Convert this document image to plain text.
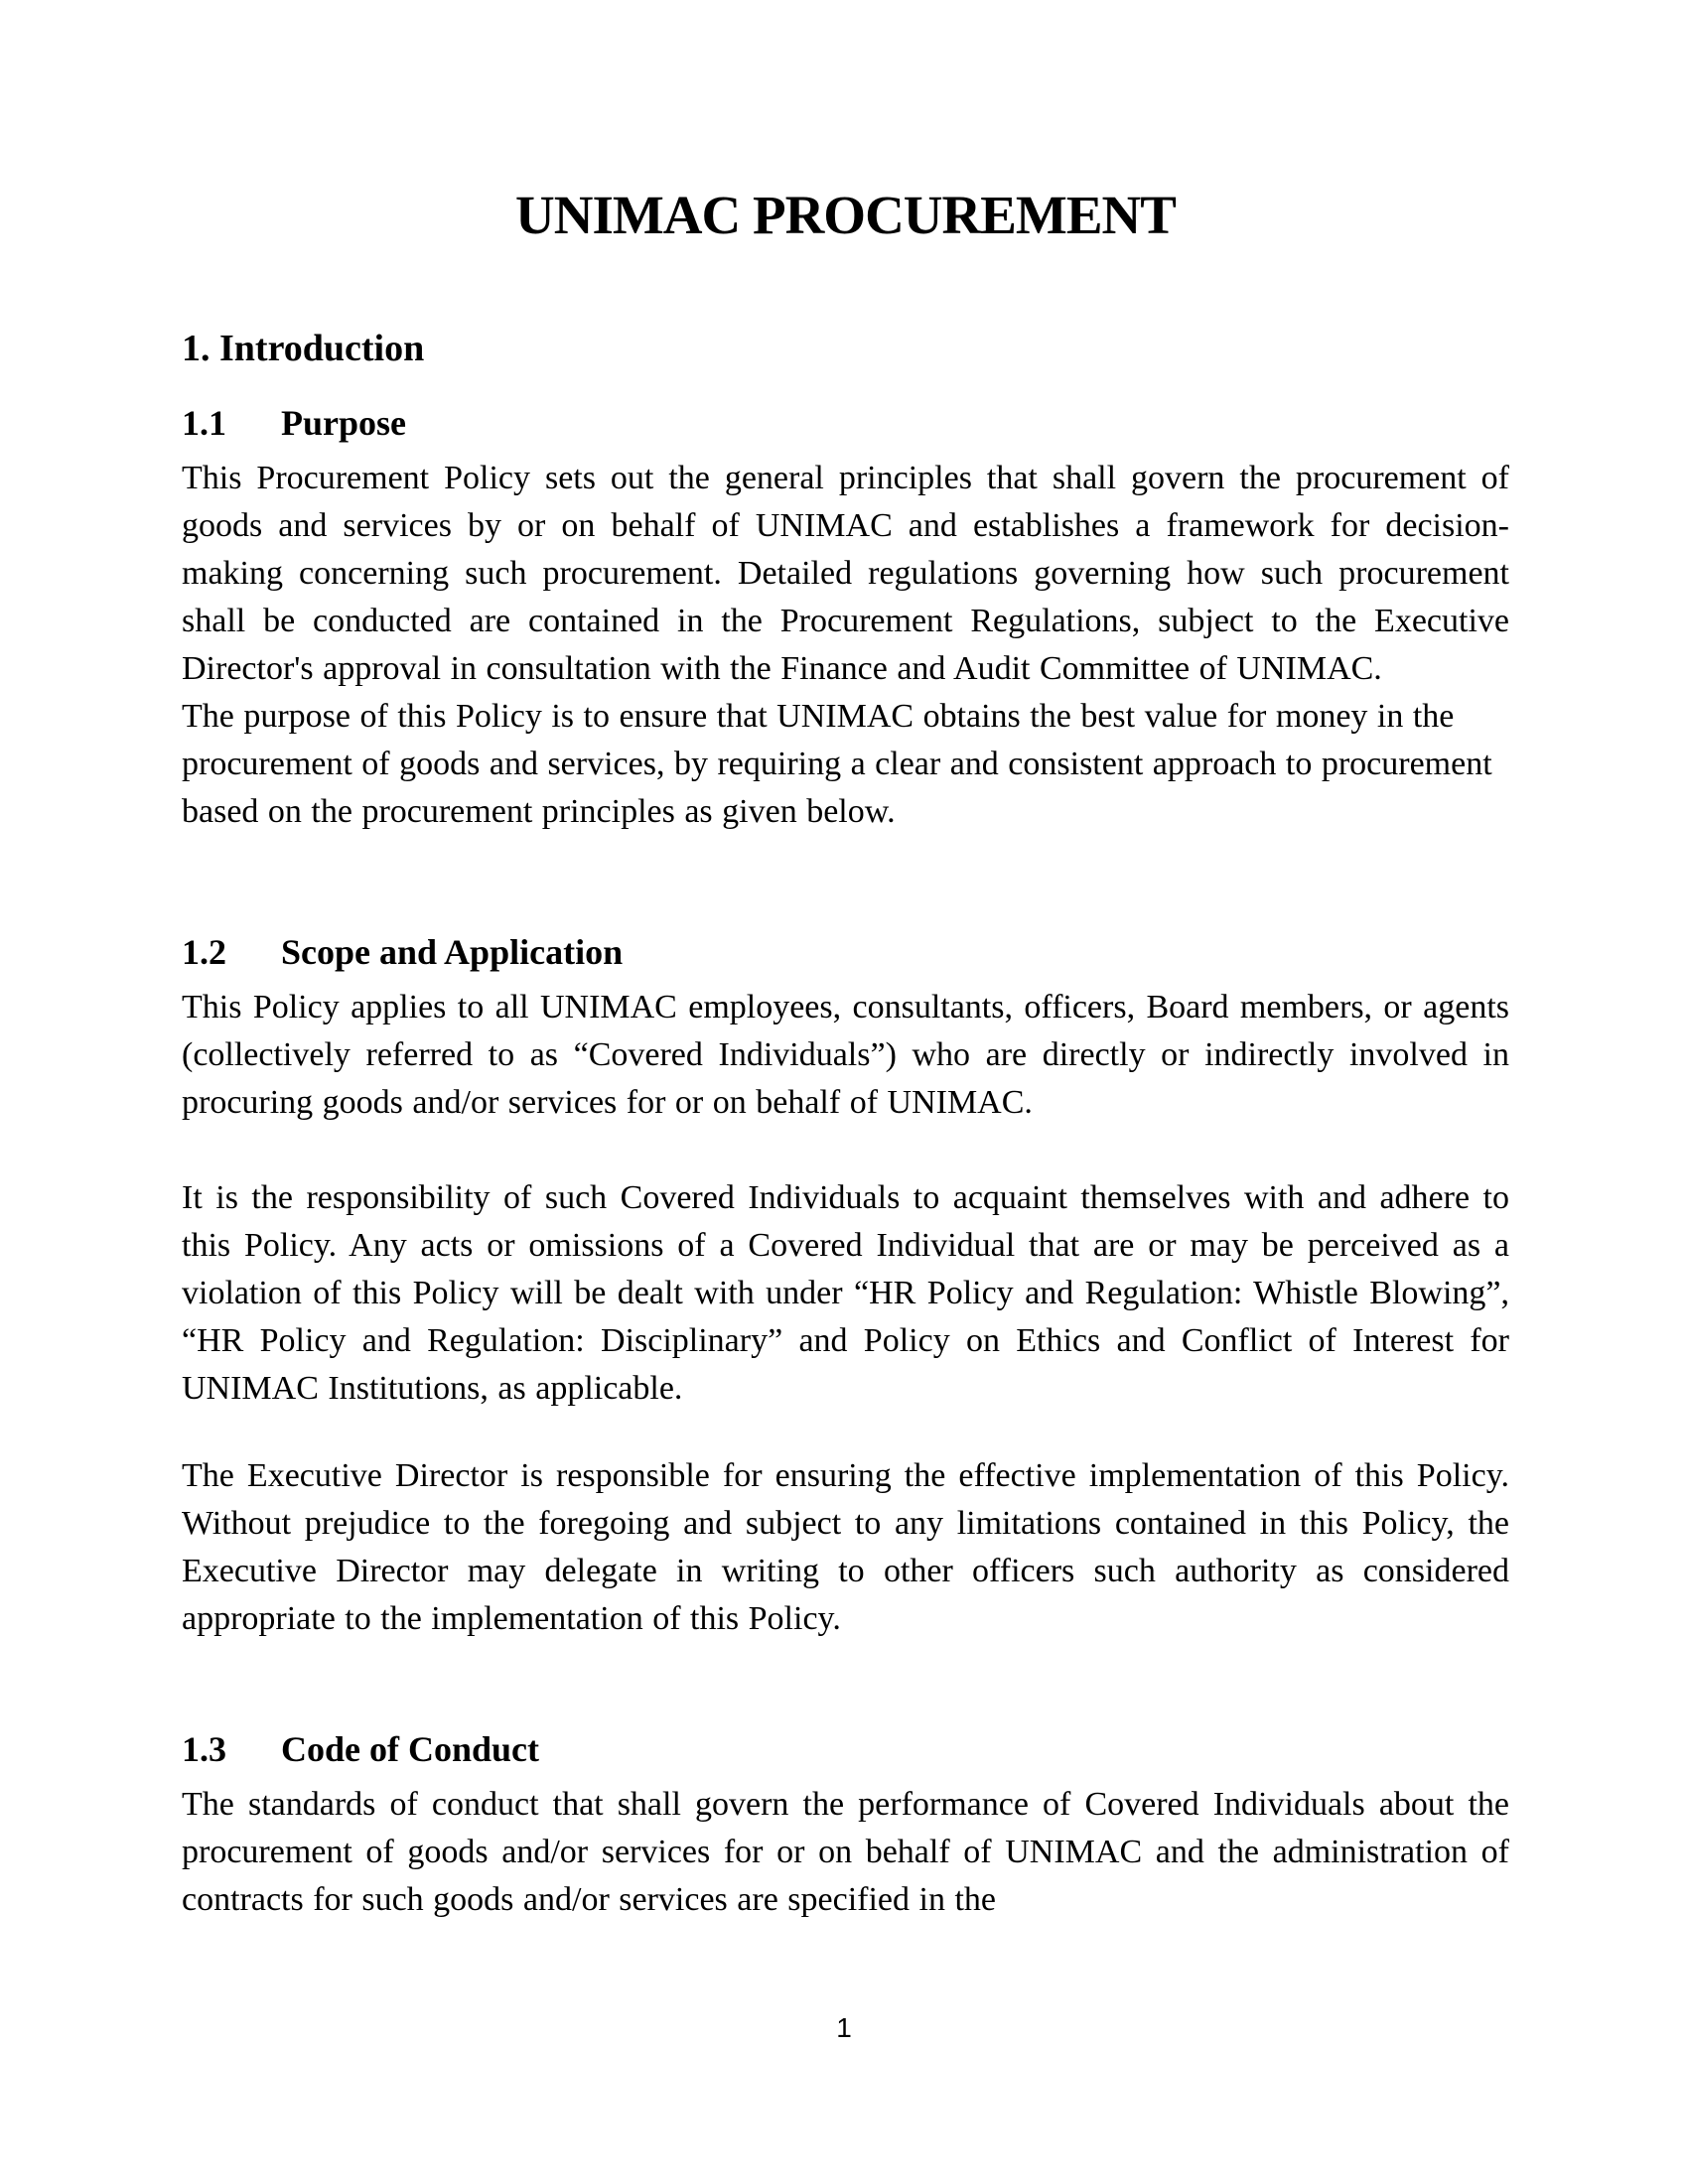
UNIMAC PROCUREMENT
1. Introduction
1.1 Purpose

This Procurement Policy sets out the general principles that shall govern the procurement of goods and services by or on behalf of UNIMAC and establishes a framework for decision-making concerning such procurement. Detailed regulations governing how such procurement shall be conducted are contained in the Procurement Regulations, subject to the Executive Director's approval in consultation with the Finance and Audit Committee of UNIMAC.

The purpose of this Policy is to ensure that UNIMAC obtains the best value for money in the procurement of goods and services, by requiring a clear and consistent approach to procurement based on the procurement principles as given below.

1.2 Scope and Application

This Policy applies to all UNIMAC employees, consultants, officers, Board members, or agents (collectively referred to as “Covered Individuals”) who are directly or indirectly involved in procuring goods and/or services for or on behalf of UNIMAC.

It is the responsibility of such Covered Individuals to acquaint themselves with and adhere to this Policy. Any acts or omissions of a Covered Individual that are or may be perceived as a violation of this Policy will be dealt with under “HR Policy and Regulation: Whistle Blowing”, “HR Policy and Regulation: Disciplinary” and Policy on Ethics and Conflict of Interest for UNIMAC Institutions, as applicable.

The Executive Director is responsible for ensuring the effective implementation of this Policy. Without prejudice to the foregoing and subject to any limitations contained in this Policy, the Executive Director may delegate in writing to other officers such authority as considered appropriate to the implementation of this Policy.

1.3 Code of Conduct

The standards of conduct that shall govern the performance of Covered Individuals about the procurement of goods and/or services for or on behalf of UNIMAC and the administration of contracts for such goods and/or services are specified in the

1
